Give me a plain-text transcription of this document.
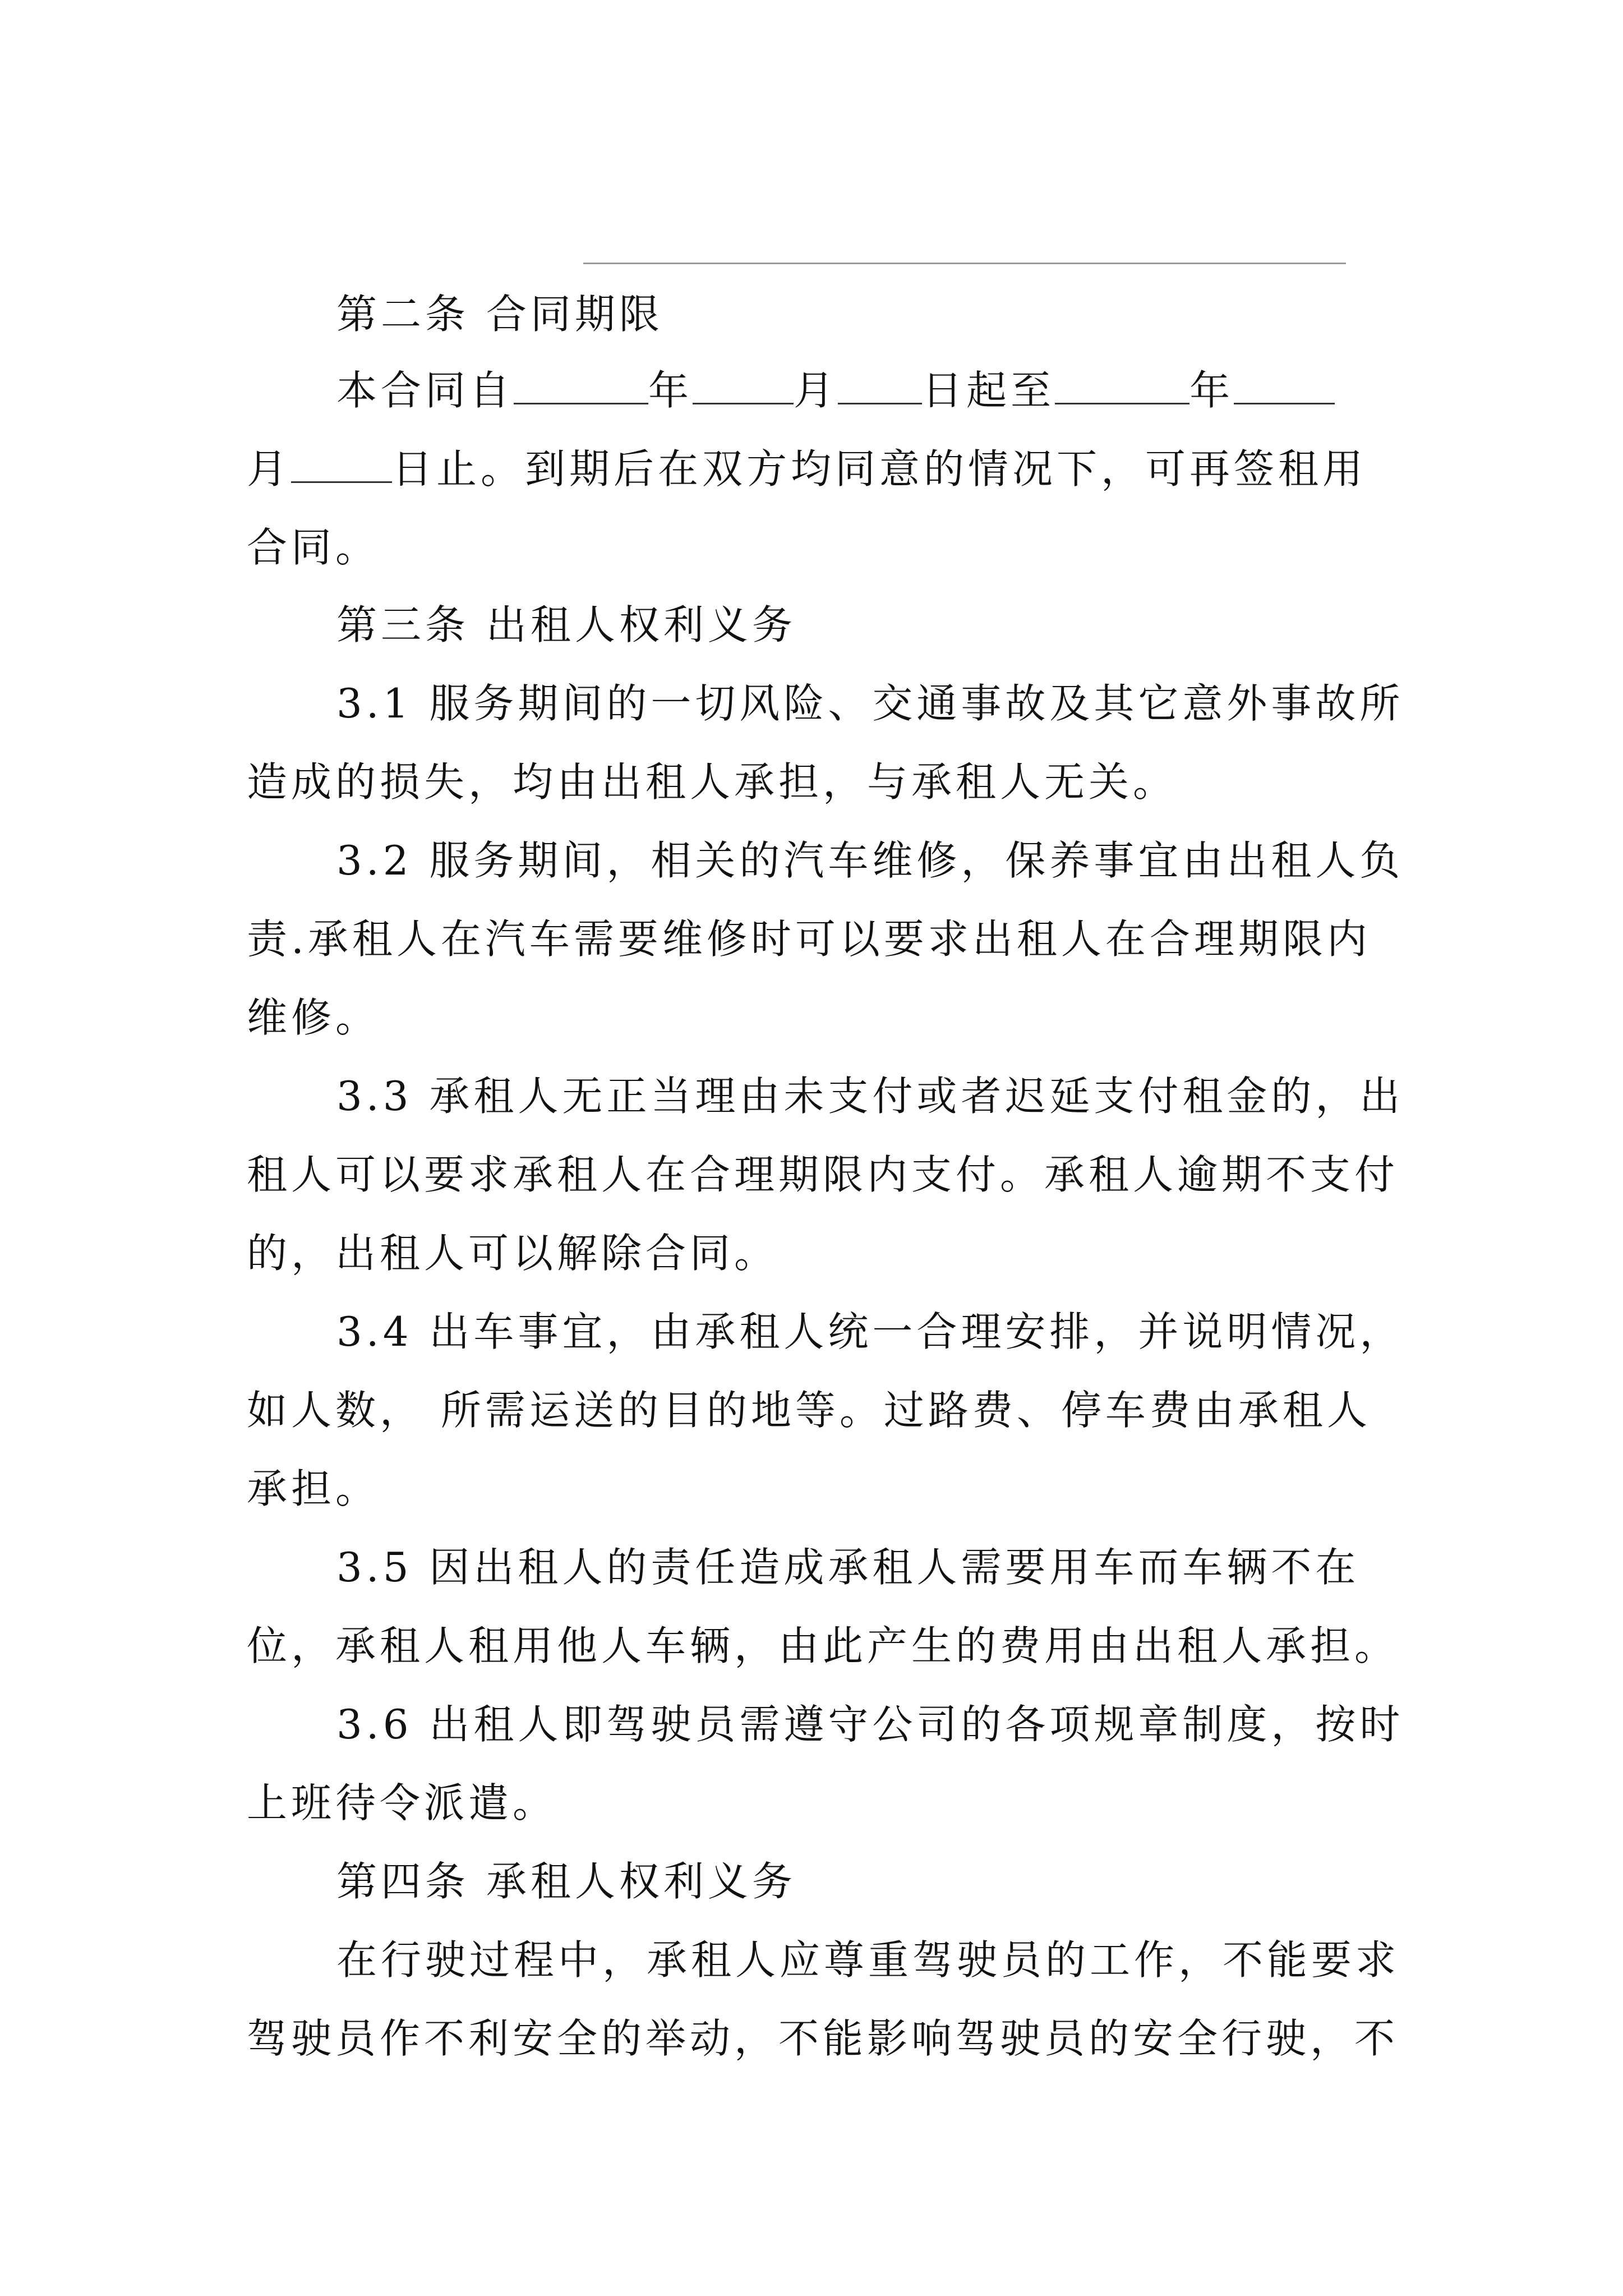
第二条 合同期限
本合同自	年	月 日起至	年
月	日止。到期后在双方均同意的情况下，可再签租用
合同。
第三条 出租人权利义务
3.1 服务期间的一切风险、交通事故及其它意外事故所
造成的损失，均由出租人承担，与承租人无关。
3.2 服务期间，相关的汽车维修，保养事宜由出租人负
责.承租人在汽车需要维修时可以要求出租人在合理期限内
维修。
3.3 承租人无正当理由未支付或者迟延支付租金的，出
租人可以要求承租人在合理期限内支付。承租人逾期不支付
的，出租人可以解除合同。
3.4 出车事宜，由承租人统一合理安排，并说明情况，
如人数， 所需运送的目的地等。过路费、停车费由承租人
承担。
3.5 因出租人的责任造成承租人需要用车而车辆不在
位，承租人租用他人车辆，由此产生的费用由出租人承担。
3.6 出租人即驾驶员需遵守公司的各项规章制度，按时
上班待令派遣。
第四条 承租人权利义务
在行驶过程中，承租人应尊重驾驶员的工作，不能要求
驾驶员作不利安全的举动，不能影响驾驶员的安全行驶，不
